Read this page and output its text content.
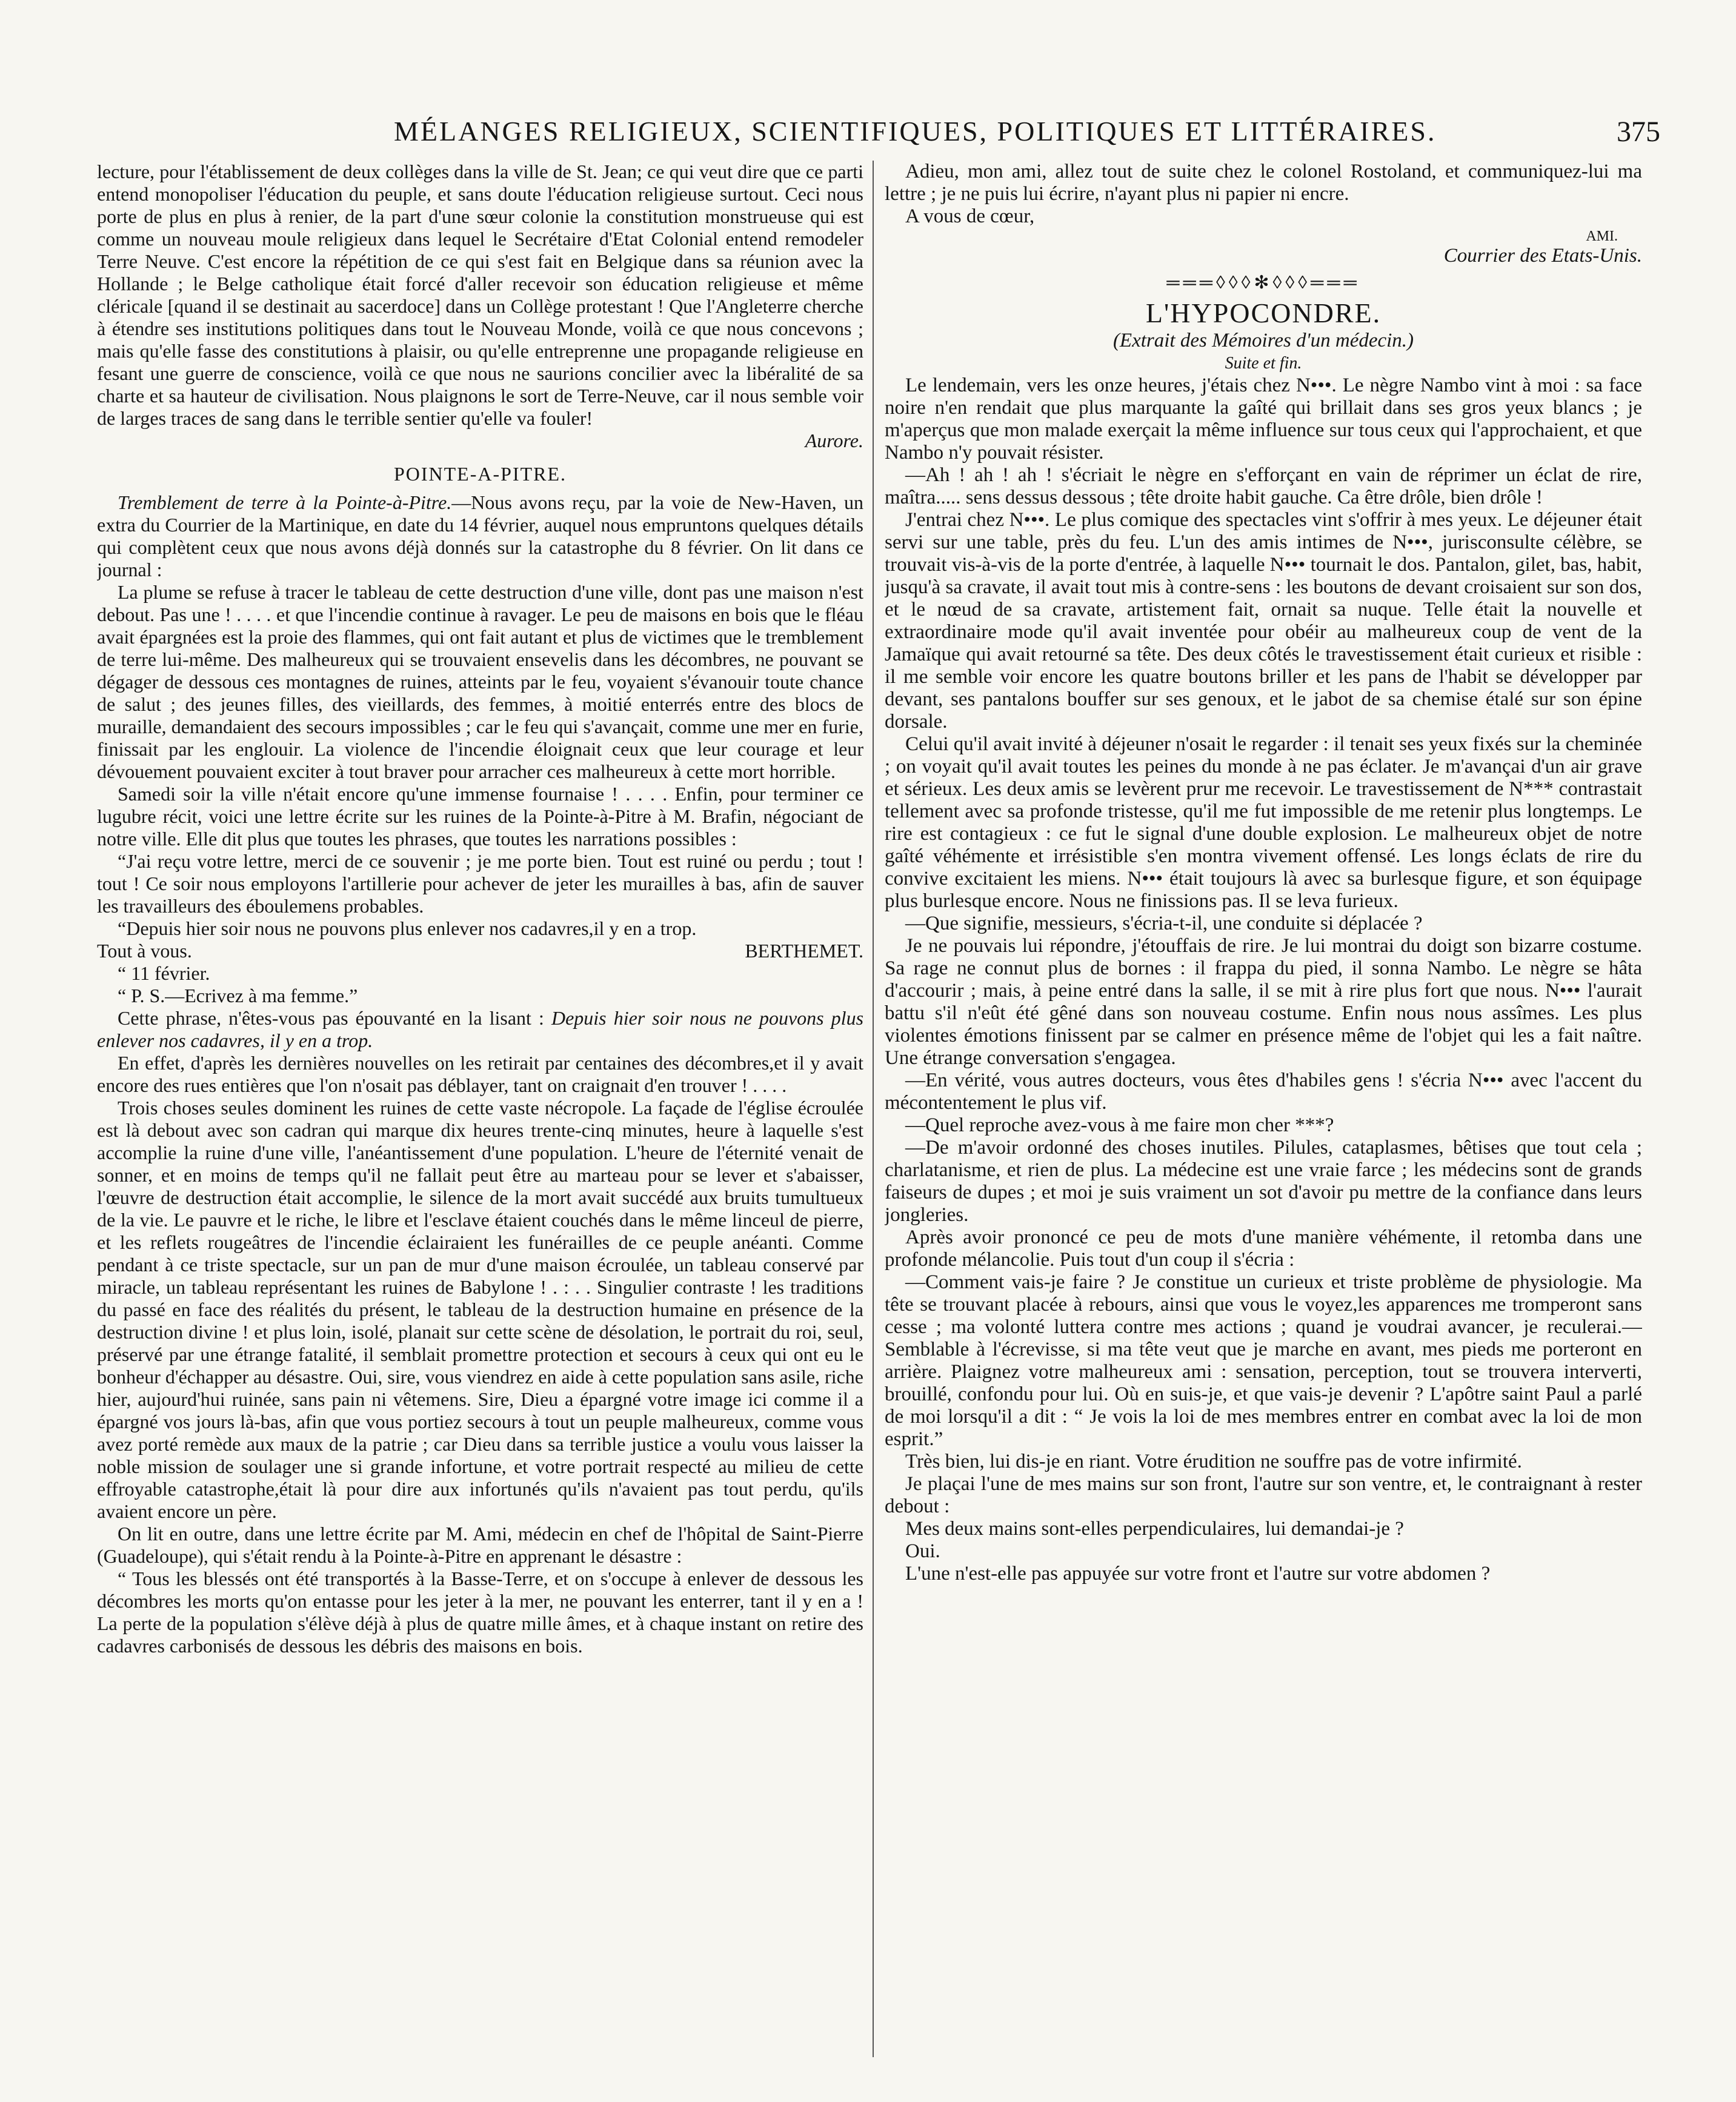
MÉLANGES RELIGIEUX, SCIENTIFIQUES, POLITIQUES ET LITTÉRAIRES.	375

lecture, pour l'établissement de deux collèges dans la ville de St. Jean; ce qui veut dire que ce parti entend monopoliser l'éducation du peuple, et sans doute l'éducation religieuse surtout. Ceci nous porte de plus en plus à renier, de la part d'une sœur colonie la constitution monstrueuse qui est comme un nouveau moule religieux dans lequel le Secrétaire d'Etat Colonial entend remodeler Terre Neuve. C'est encore la répétition de ce qui s'est fait en Belgique dans sa réunion avec la Hollande ; le Belge catholique était forcé d'aller recevoir son éducation religieuse et même cléricale [quand il se destinait au sacerdoce] dans un Collège protestant ! Que l'Angleterre cherche à étendre ses institutions politiques dans tout le Nouveau Monde, voilà ce que nous concevons ; mais qu'elle fasse des constitutions à plaisir, ou qu'elle entreprenne une propagande religieuse en fesant une guerre de conscience, voilà ce que nous ne saurions concilier avec la libéralité de sa charte et sa hauteur de civilisation. Nous plaignons le sort de Terre-Neuve, car il nous semble voir de larges traces de sang dans le terrible sentier qu'elle va fouler!

Aurore.

POINTE-A-PITRE.

Tremblement de terre à la Pointe-à-Pitre.—Nous avons reçu, par la voie de New-Haven, un extra du Courrier de la Martinique, en date du 14 février, auquel nous empruntons quelques détails qui complètent ceux que nous avons déjà donnés sur la catastrophe du 8 février. On lit dans ce journal :

La plume se refuse à tracer le tableau de cette destruction d'une ville, dont pas une maison n'est debout. Pas une ! . . . . et que l'incendie continue à ravager. Le peu de maisons en bois que le fléau avait épargnées est la proie des flammes, qui ont fait autant et plus de victimes que le tremblement de terre lui-même. Des malheureux qui se trouvaient ensevelis dans les décombres, ne pouvant se dégager de dessous ces montagnes de ruines, atteints par le feu, voyaient s'évanouir toute chance de salut ; des jeunes filles, des vieillards, des femmes, à moitié enterrés entre des blocs de muraille, demandaient des secours impossibles ; car le feu qui s'avançait, comme une mer en furie, finissait par les englouir. La violence de l'incendie éloignait ceux que leur courage et leur dévouement pouvaient exciter à tout braver pour arracher ces malheureux à cette mort horrible.

Samedi soir la ville n'était encore qu'une immense fournaise ! . . . . Enfin, pour terminer ce lugubre récit, voici une lettre écrite sur les ruines de la Pointe-à-Pitre à M. Brafin, négociant de notre ville. Elle dit plus que toutes les phrases, que toutes les narrations possibles :

“J'ai reçu votre lettre, merci de ce souvenir ; je me porte bien. Tout est ruiné ou perdu ; tout ! tout ! Ce soir nous employons l'artillerie pour achever de jeter les murailles à bas, afin de sauver les travailleurs des éboulemens probables.

“Depuis hier soir nous ne pouvons plus enlever nos cadavres,il y en a trop.

Tout à vous.	BERTHEMET.

“ 11 février.

“ P. S.—Ecrivez à ma femme.”

Cette phrase, n'êtes-vous pas épouvanté en la lisant : Depuis hier soir nous ne pouvons plus enlever nos cadavres, il y en a trop.

En effet, d'après les dernières nouvelles on les retirait par centaines des décombres,et il y avait encore des rues entières que l'on n'osait pas déblayer, tant on craignait d'en trouver ! . . . .

Trois choses seules dominent les ruines de cette vaste nécropole. La façade de l'église écroulée est là debout avec son cadran qui marque dix heures trente-cinq minutes, heure à laquelle s'est accomplie la ruine d'une ville, l'anéantissement d'une population. L'heure de l'éternité venait de sonner, et en moins de temps qu'il ne fallait peut être au marteau pour se lever et s'abaisser, l'œuvre de destruction était accomplie, le silence de la mort avait succédé aux bruits tumultueux de la vie. Le pauvre et le riche, le libre et l'esclave étaient couchés dans le même linceul de pierre, et les reflets rougeâtres de l'incendie éclairaient les funérailles de ce peuple anéanti. Comme pendant à ce triste spectacle, sur un pan de mur d'une maison écroulée, un tableau conservé par miracle, un tableau représentant les ruines de Babylone ! . : . . Singulier contraste ! les traditions du passé en face des réalités du présent, le tableau de la destruction humaine en présence de la destruction divine ! et plus loin, isolé, planait sur cette scène de désolation, le portrait du roi, seul, préservé par une étrange fatalité, il semblait promettre protection et secours à ceux qui ont eu le bonheur d'échapper au désastre. Oui, sire, vous viendrez en aide à cette population sans asile, riche hier, aujourd'hui ruinée, sans pain ni vêtemens. Sire, Dieu a épargné votre image ici comme il a épargné vos jours là-bas, afin que vous portiez secours à tout un peuple malheureux, comme vous avez porté remède aux maux de la patrie ; car Dieu dans sa terrible justice a voulu vous laisser la noble mission de soulager une si grande infortune, et votre portrait respecté au milieu de cette effroyable catastrophe,était là pour dire aux infortunés qu'ils n'avaient pas tout perdu, qu'ils avaient encore un père.

On lit en outre, dans une lettre écrite par M. Ami, médecin en chef de l'hôpital de Saint-Pierre (Guadeloupe), qui s'était rendu à la Pointe-à-Pitre en apprenant le désastre :

“ Tous les blessés ont été transportés à la Basse-Terre, et on s'occupe à enlever de dessous les décombres les morts qu'on entasse pour les jeter à la mer, ne pouvant les enterrer, tant il y en a ! La perte de la population s'élève déjà à plus de quatre mille âmes, et à chaque instant on retire des cadavres carbonisés de dessous les débris des maisons en bois.

Adieu, mon ami, allez tout de suite chez le colonel Rostoland, et communiquez-lui ma lettre ; je ne puis lui écrire, n'ayant plus ni papier ni encre.

A vous de cœur,

AMI.

Courrier des Etats-Unis.

═══◊◊◊✻◊◊◊═══

L'HYPOCONDRE.

(Extrait des Mémoires d'un médecin.)

Suite et fin.

Le lendemain, vers les onze heures, j'étais chez N•••. Le nègre Nambo vint à moi : sa face noire n'en rendait que plus marquante la gaîté qui brillait dans ses gros yeux blancs ; je m'aperçus que mon malade exerçait la même influence sur tous ceux qui l'approchaient, et que Nambo n'y pouvait résister.

—Ah ! ah ! ah ! s'écriait le nègre en s'efforçant en vain de réprimer un éclat de rire, maîtra..... sens dessus dessous ; tête droite habit gauche. Ca être drôle, bien drôle !

J'entrai chez N•••. Le plus comique des spectacles vint s'offrir à mes yeux. Le déjeuner était servi sur une table, près du feu. L'un des amis intimes de N•••, jurisconsulte célèbre, se trouvait vis-à-vis de la porte d'entrée, à laquelle N••• tournait le dos. Pantalon, gilet, bas, habit, jusqu'à sa cravate, il avait tout mis à contre-sens : les boutons de devant croisaient sur son dos, et le nœud de sa cravate, artistement fait, ornait sa nuque. Telle était la nouvelle et extraordinaire mode qu'il avait inventée pour obéir au malheureux coup de vent de la Jamaïque qui avait retourné sa tête. Des deux côtés le travestissement était curieux et risible : il me semble voir encore les quatre boutons briller et les pans de l'habit se développer par devant, ses pantalons bouffer sur ses genoux, et le jabot de sa chemise étalé sur son épine dorsale.

Celui qu'il avait invité à déjeuner n'osait le regarder : il tenait ses yeux fixés sur la cheminée ; on voyait qu'il avait toutes les peines du monde à ne pas éclater. Je m'avançai d'un air grave et sérieux. Les deux amis se levèrent prur me recevoir. Le travestissement de N*** contrastait tellement avec sa profonde tristesse, qu'il me fut impossible de me retenir plus longtemps. Le rire est contagieux : ce fut le signal d'une double explosion. Le malheureux objet de notre gaîté véhémente et irrésistible s'en montra vivement offensé. Les longs éclats de rire du convive excitaient les miens. N••• était toujours là avec sa burlesque figure, et son équipage plus burlesque encore. Nous ne finissions pas. Il se leva furieux.

—Que signifie, messieurs, s'écria-t-il, une conduite si déplacée ?

Je ne pouvais lui répondre, j'étouffais de rire. Je lui montrai du doigt son bizarre costume. Sa rage ne connut plus de bornes : il frappa du pied, il sonna Nambo. Le nègre se hâta d'accourir ; mais, à peine entré dans la salle, il se mit à rire plus fort que nous. N••• l'aurait battu s'il n'eût été gêné dans son nouveau costume. Enfin nous nous assîmes. Les plus violentes émotions finissent par se calmer en présence même de l'objet qui les a fait naître. Une étrange conversation s'engagea.

—En vérité, vous autres docteurs, vous êtes d'habiles gens ! s'écria N••• avec l'accent du mécontentement le plus vif.

—Quel reproche avez-vous à me faire mon cher ***?

—De m'avoir ordonné des choses inutiles. Pilules, cataplasmes, bêtises que tout cela ; charlatanisme, et rien de plus. La médecine est une vraie farce ; les médecins sont de grands faiseurs de dupes ; et moi je suis vraiment un sot d'avoir pu mettre de la confiance dans leurs jongleries.

Après avoir prononcé ce peu de mots d'une manière véhémente, il retomba dans une profonde mélancolie. Puis tout d'un coup il s'écria :

—Comment vais-je faire ? Je constitue un curieux et triste problème de physiologie. Ma tête se trouvant placée à rebours, ainsi que vous le voyez,les apparences me tromperont sans cesse ; ma volonté luttera contre mes actions ; quand je voudrai avancer, je reculerai.—Semblable à l'écrevisse, si ma tête veut que je marche en avant, mes pieds me porteront en arrière. Plaignez votre malheureux ami : sensation, perception, tout se trouvera interverti, brouillé, confondu pour lui. Où en suis-je, et que vais-je devenir ? L'apôtre saint Paul a parlé de moi lorsqu'il a dit : “ Je vois la loi de mes membres entrer en combat avec la loi de mon esprit.”

Très bien, lui dis-je en riant. Votre érudition ne souffre pas de votre infirmité.

Je plaçai l'une de mes mains sur son front, l'autre sur son ventre, et, le contraignant à rester debout :

Mes deux mains sont-elles perpendiculaires, lui demandai-je ?

Oui.

L'une n'est-elle pas appuyée sur votre front et l'autre sur votre abdomen ?
